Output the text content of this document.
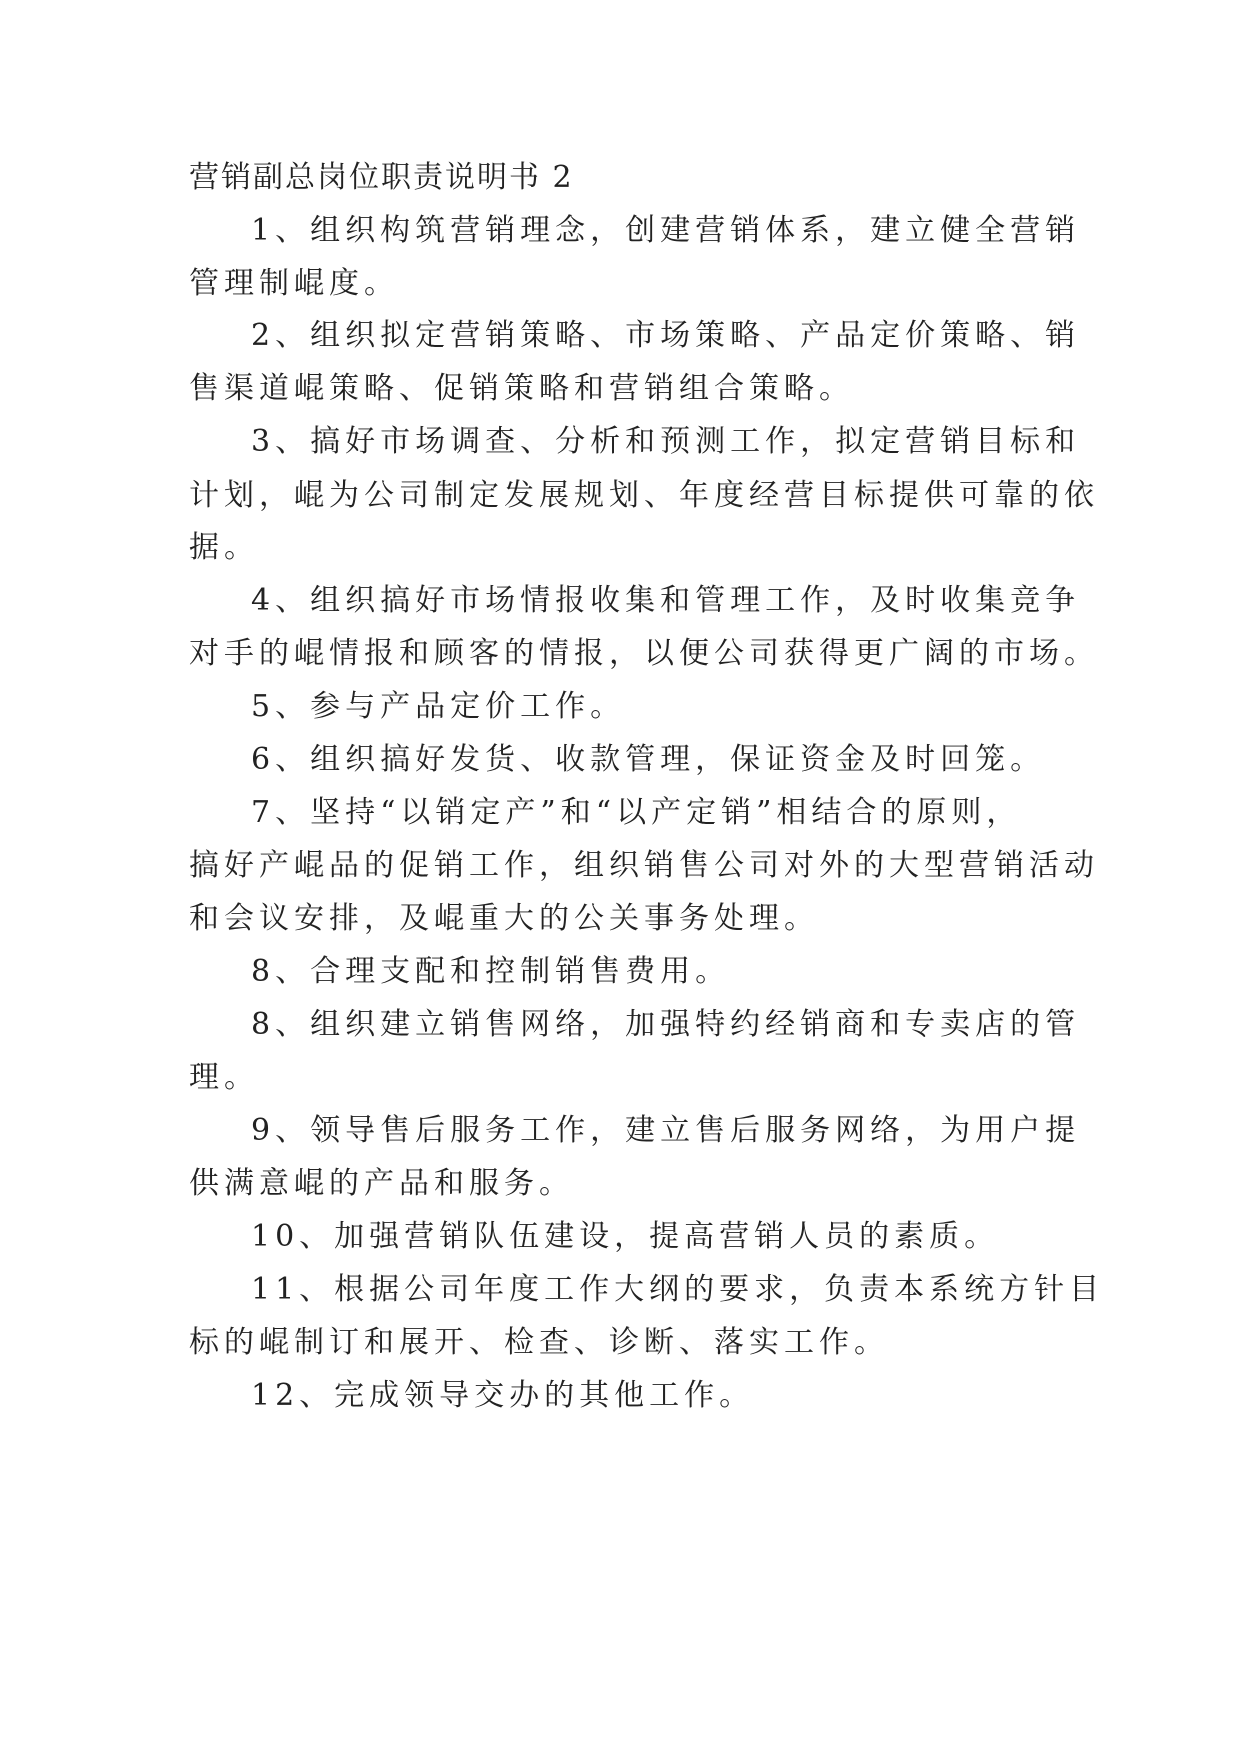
营销副总岗位职责说明书 2
1、组织构筑营销理念，创建营销体系，建立健全营销
管理制崐度。
2、组织拟定营销策略、市场策略、产品定价策略、销
售渠道崐策略、促销策略和营销组合策略。
3、搞好市场调查、分析和预测工作，拟定营销目标和
计划，崐为公司制定发展规划、年度经营目标提供可靠的依
据。
4、组织搞好市场情报收集和管理工作，及时收集竞争
对手的崐情报和顾客的情报，以便公司获得更广阔的市场。
5、参与产品定价工作。
6、组织搞好发货、收款管理，保证资金及时回笼。
7、坚持“以销定产”和“以产定销”相结合的原则，
搞好产崐品的促销工作，组织销售公司对外的大型营销活动
和会议安排，及崐重大的公关事务处理。
8、合理支配和控制销售费用。
8、组织建立销售网络，加强特约经销商和专卖店的管
理。
9、领导售后服务工作，建立售后服务网络，为用户提
供满意崐的产品和服务。
10、加强营销队伍建设，提高营销人员的素质。
11、根据公司年度工作大纲的要求，负责本系统方针目
标的崐制订和展开、检查、诊断、落实工作。
12、完成领导交办的其他工作。
